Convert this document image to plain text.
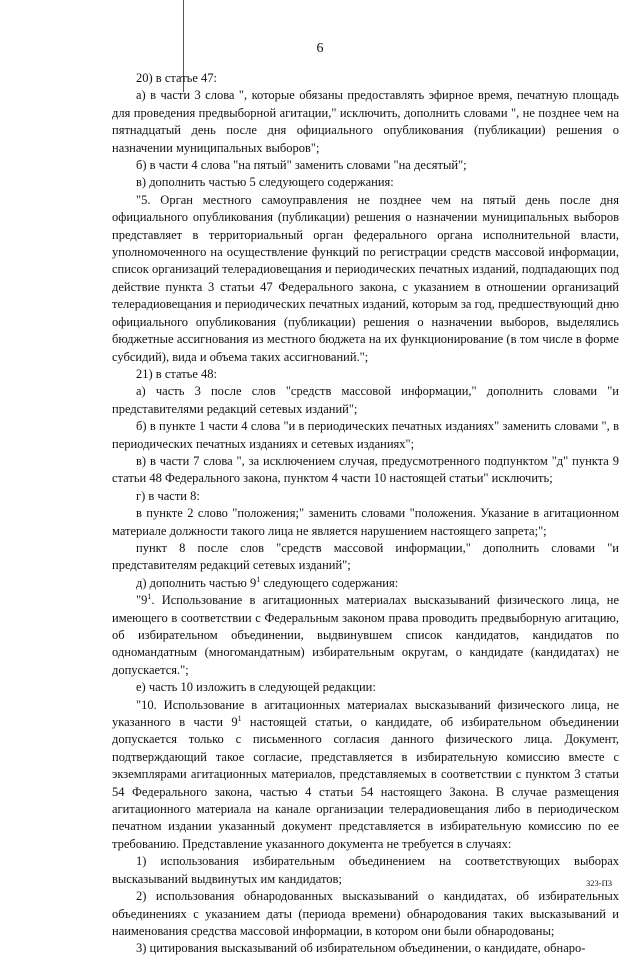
6

20) в статье 47:

а) в части 3 слова ", которые обязаны предоставлять эфирное время, печатную площадь для проведения предвыборной агитации," исключить, дополнить словами ", не позднее чем на пятнадцатый день после дня официального опубликования (публикации) решения о назначении муниципальных выборов";

б) в части 4 слова "на пятый" заменить словами "на десятый";

в) дополнить частью 5 следующего содержания:

"5. Орган местного самоуправления не позднее чем на пятый день после дня официального опубликования (публикации) решения о назначении муниципальных выборов представляет в территориальный орган федерального органа исполнительной власти, уполномоченного на осуществление функций по регистрации средств массовой информации, список организаций телерадиовещания и периодических печатных изданий, подпадающих под действие пункта 3 статьи 47 Федерального закона, с указанием в отношении организаций телерадиовещания и периодических печатных изданий, которым за год, предшествующий дню официального опубликования (публикации) решения о назначении выборов, выделялись бюджетные ассигнования из местного бюджета на их функционирование (в том числе в форме субсидий), вида и объема таких ассигнований.";

21) в статье 48:

а) часть 3 после слов "средств массовой информации," дополнить словами "и представителями редакций сетевых изданий";

б) в пункте 1 части 4 слова "и в периодических печатных изданиях" заменить словами ", в периодических печатных изданиях и сетевых изданиях";

в) в части 7 слова ", за исключением случая, предусмотренного подпунктом "д" пункта 9 статьи 48 Федерального закона, пунктом 4 части 10 настоящей статьи" исключить;

г) в части 8:

в пункте 2 слово "положения;" заменить словами "положения. Указание в агитационном материале должности такого лица не является нарушением настоящего запрета;";

пункт 8 после слов "средств массовой информации," дополнить словами "и представителям редакций сетевых изданий";

д) дополнить частью $9^1$ следующего содержания:

"$9^1$. Использование в агитационных материалах высказываний физического лица, не имеющего в соответствии с Федеральным законом права проводить предвыборную агитацию, об избирательном объединении, выдвинувшем список кандидатов, кандидатов по одномандатным (многомандатным) избирательным округам, о кандидате (кандидатах) не допускается.";

е) часть 10 изложить в следующей редакции:

"10. Использование в агитационных материалах высказываний физического лица, не указанного в части $9^1$ настоящей статьи, о кандидате, об избирательном объединении допускается только с письменного согласия данного физического лица. Документ, подтверждающий такое согласие, представляется в избирательную комиссию вместе с экземплярами агитационных материалов, представляемых в соответствии с пунктом 3 статьи 54 Федерального закона, частью 4 статьи 54 настоящего Закона. В случае размещения агитационного материала на канале организации телерадиовещания либо в периодическом печатном издании указанный документ представляется в избирательную комиссию по ее требованию. Представление указанного документа не требуется в случаях:

1) использования избирательным объединением на соответствующих выборах высказываний выдвинутых им кандидатов;

2) использования обнародованных высказываний о кандидатах, об избирательных объединениях с указанием даты (периода времени) обнародования таких высказываний и наименования средства массовой информации, в котором они были обнародованы;

3) цитирования высказываний об избирательном объединении, о кандидате, обнаро-

323-П3
